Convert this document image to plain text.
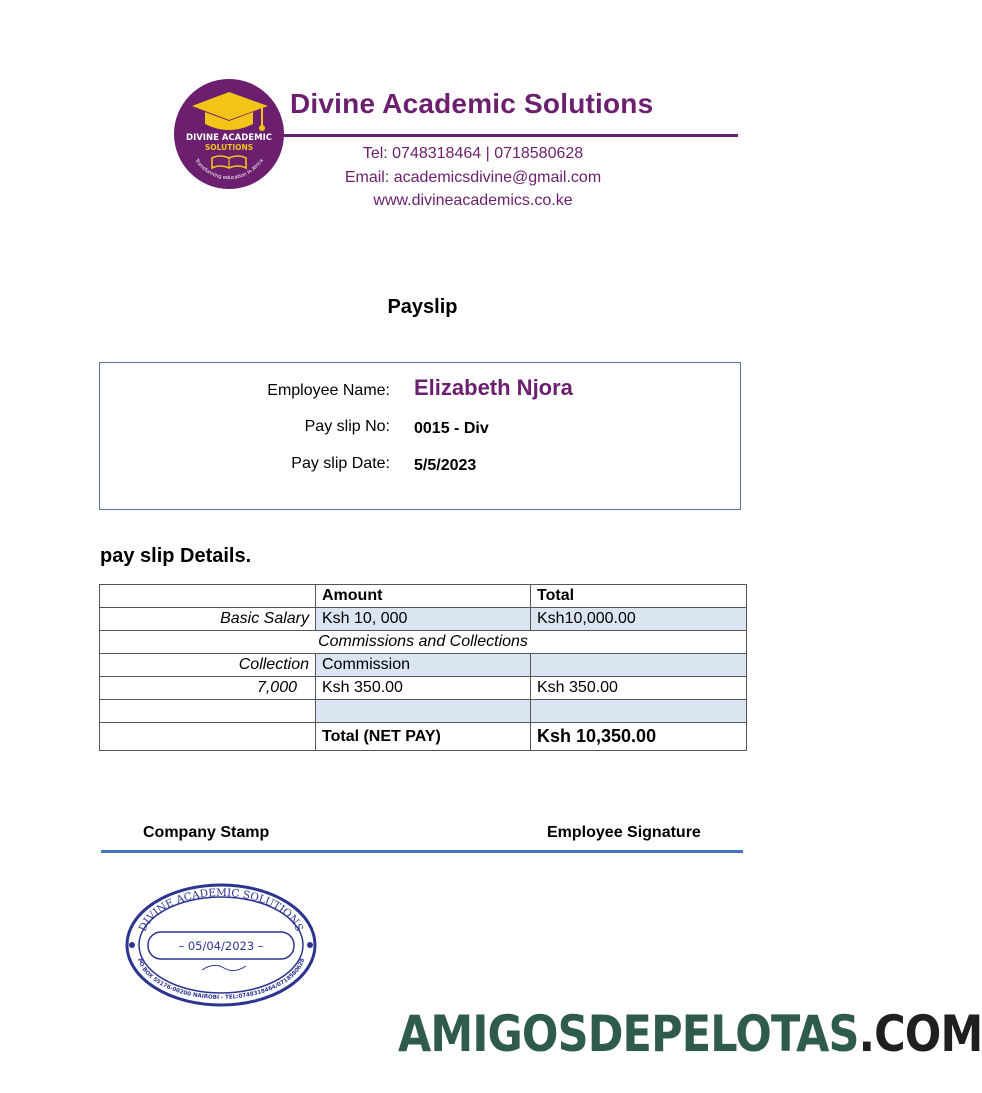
DIVINE ACADEMIC
SOLUTIONS
Transforming education in Africa
Divine Academic Solutions
Tel: 0748318464 | 0718580628
Email: academicsdivine@gmail.com
www.divineacademics.co.ke
Payslip
Employee Name: Elizabeth Njora
Pay slip No: 0015 - Div
Pay slip Date: 5/5/2023
pay slip Details.
	Amount	Total
Basic Salary	Ksh 10, 000	Ksh10,000.00
Commissions and Collections		
Collection	Commission	
7,000	Ksh 350.00	Ksh 350.00

	Total (NET PAY)	Ksh 10,350.00
Company Stamp	Employee Signature
DIVINE ACADEMIC SOLUTIONS
– 05/04/2023 –
PO BOX 55176-00200 NAIROBI - TEL:0748318464/0718580628
AMIGOSDEPELOTAS.COM
